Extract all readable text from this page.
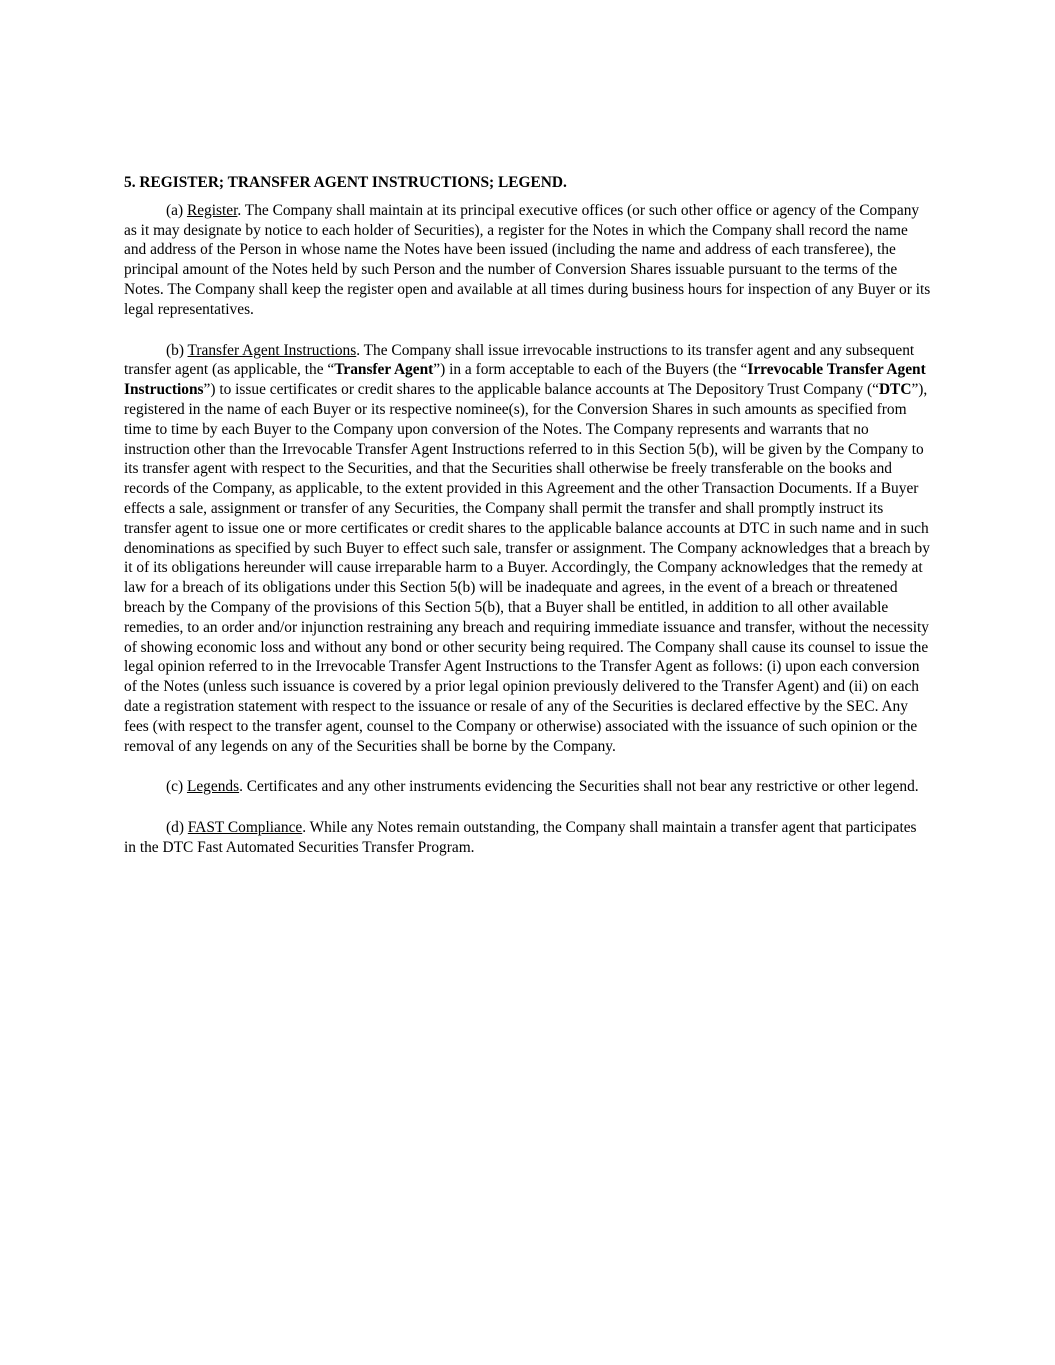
5. REGISTER; TRANSFER AGENT INSTRUCTIONS; LEGEND.

(a) Register. The Company shall maintain at its principal executive offices (or such other office or agency of the Company as it may designate by notice to each holder of Securities), a register for the Notes in which the Company shall record the name and address of the Person in whose name the Notes have been issued (including the name and address of each transferee), the principal amount of the Notes held by such Person and the number of Conversion Shares issuable pursuant to the terms of the Notes. The Company shall keep the register open and available at all times during business hours for inspection of any Buyer or its legal representatives.

(b) Transfer Agent Instructions. The Company shall issue irrevocable instructions to its transfer agent and any subsequent transfer agent (as applicable, the “Transfer Agent”) in a form acceptable to each of the Buyers (the “Irrevocable Transfer Agent Instructions”) to issue certificates or credit shares to the applicable balance accounts at The Depository Trust Company (“DTC”), registered in the name of each Buyer or its respective nominee(s), for the Conversion Shares in such amounts as specified from time to time by each Buyer to the Company upon conversion of the Notes. The Company represents and warrants that no instruction other than the Irrevocable Transfer Agent Instructions referred to in this Section 5(b), will be given by the Company to its transfer agent with respect to the Securities, and that the Securities shall otherwise be freely transferable on the books and records of the Company, as applicable, to the extent provided in this Agreement and the other Transaction Documents. If a Buyer effects a sale, assignment or transfer of any Securities, the Company shall permit the transfer and shall promptly instruct its transfer agent to issue one or more certificates or credit shares to the applicable balance accounts at DTC in such name and in such denominations as specified by such Buyer to effect such sale, transfer or assignment. The Company acknowledges that a breach by it of its obligations hereunder will cause irreparable harm to a Buyer. Accordingly, the Company acknowledges that the remedy at law for a breach of its obligations under this Section 5(b) will be inadequate and agrees, in the event of a breach or threatened breach by the Company of the provisions of this Section 5(b), that a Buyer shall be entitled, in addition to all other available remedies, to an order and/or injunction restraining any breach and requiring immediate issuance and transfer, without the necessity of showing economic loss and without any bond or other security being required. The Company shall cause its counsel to issue the legal opinion referred to in the Irrevocable Transfer Agent Instructions to the Transfer Agent as follows: (i) upon each conversion of the Notes (unless such issuance is covered by a prior legal opinion previously delivered to the Transfer Agent) and (ii) on each date a registration statement with respect to the issuance or resale of any of the Securities is declared effective by the SEC. Any fees (with respect to the transfer agent, counsel to the Company or otherwise) associated with the issuance of such opinion or the removal of any legends on any of the Securities shall be borne by the Company.

(c) Legends. Certificates and any other instruments evidencing the Securities shall not bear any restrictive or other legend.

(d) FAST Compliance. While any Notes remain outstanding, the Company shall maintain a transfer agent that participates in the DTC Fast Automated Securities Transfer Program.
